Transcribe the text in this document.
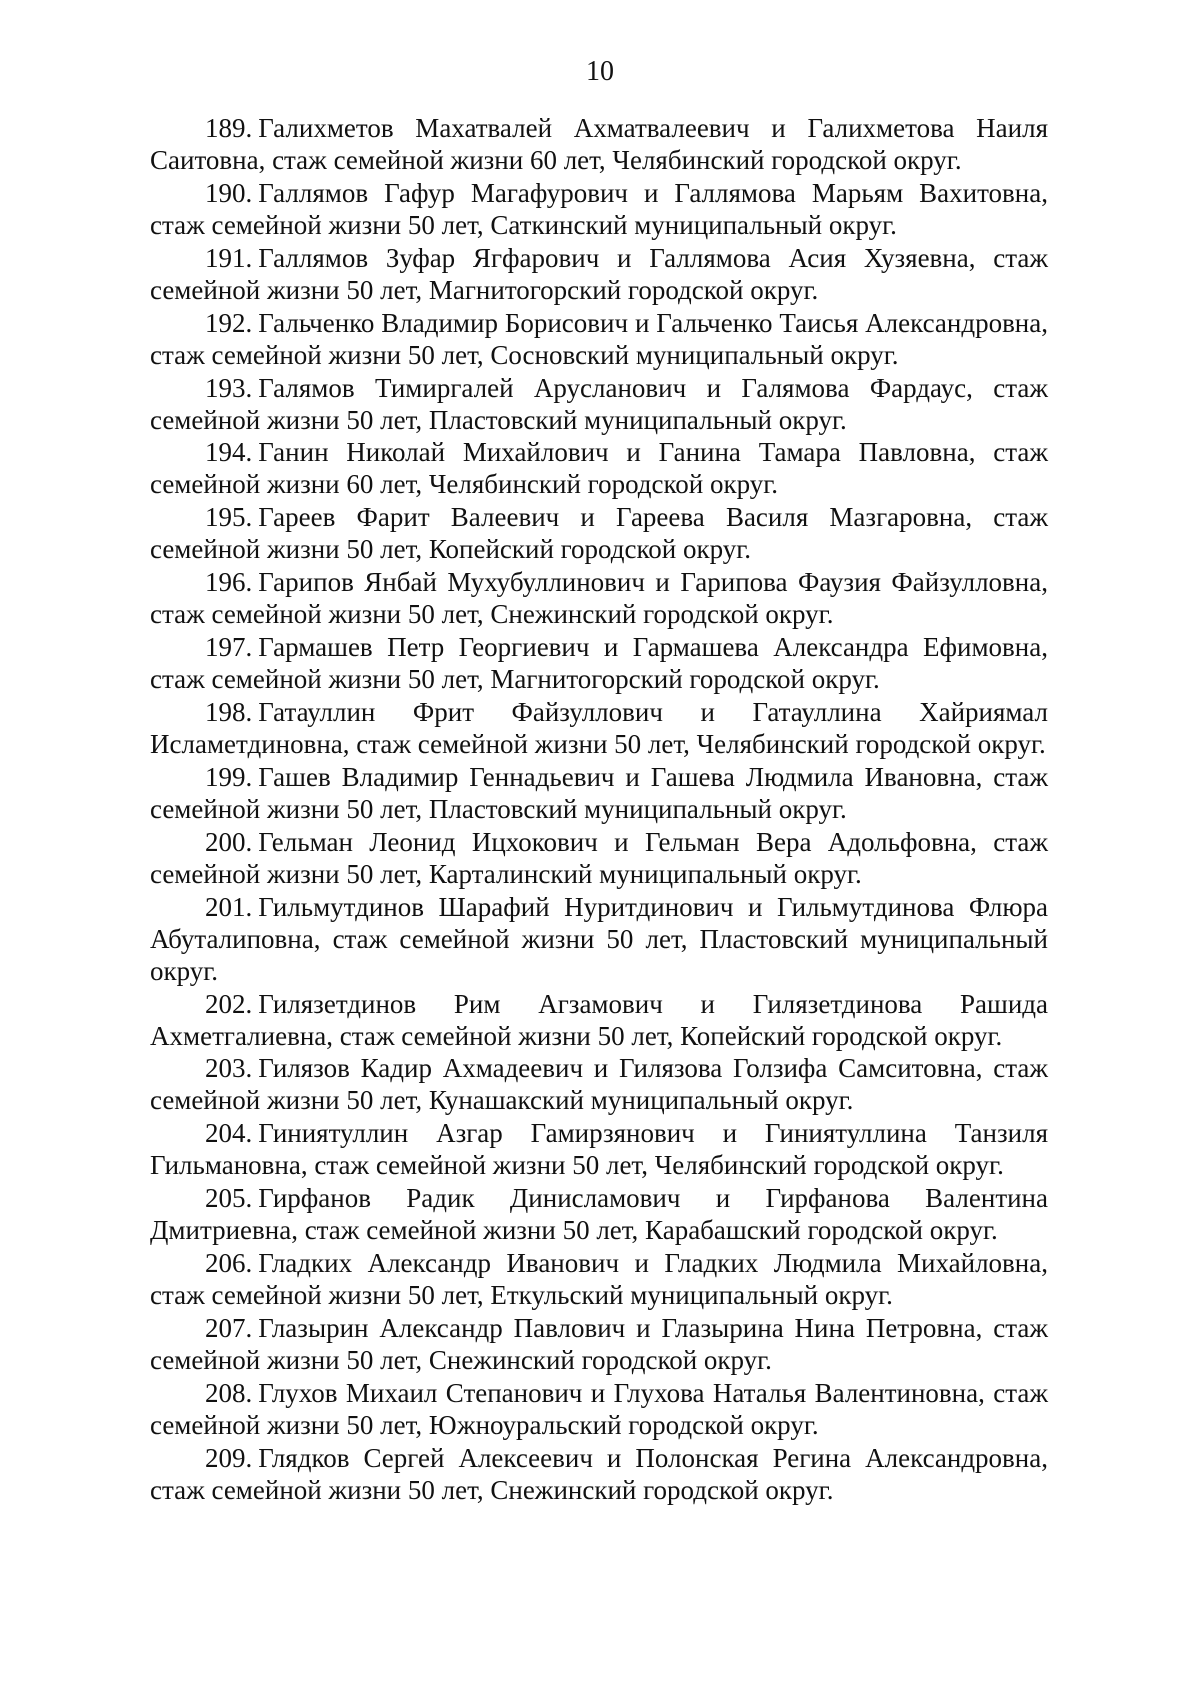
10

189. Галихметов Махатвалей Ахматвалеевич и Галихметова Наиля Саитовна, стаж семейной жизни 60 лет, Челябинский городской округ.

190. Галлямов Гафур Магафурович и Галлямова Марьям Вахитовна, стаж семейной жизни 50 лет, Саткинский муниципальный округ.

191. Галлямов Зуфар Ягфарович и Галлямова Асия Хузяевна, стаж семейной жизни 50 лет, Магнитогорский городской округ.

192. Гальченко Владимир Борисович и Гальченко Таисья Александровна, стаж семейной жизни 50 лет, Сосновский муниципальный округ.

193. Галямов Тимиргалей Арусланович и Галямова Фардаус, стаж семейной жизни 50 лет, Пластовский муниципальный округ.

194. Ганин Николай Михайлович и Ганина Тамара Павловна, стаж семейной жизни 60 лет, Челябинский городской округ.

195. Гареев Фарит Валеевич и Гареева Василя Мазгаровна, стаж семейной жизни 50 лет, Копейский городской округ.

196. Гарипов Янбай Мухубуллинович и Гарипова Фаузия Файзулловна, стаж семейной жизни 50 лет, Снежинский городской округ.

197. Гармашев Петр Георгиевич и Гармашева Александра Ефимовна, стаж семейной жизни 50 лет, Магнитогорский городской округ.

198. Гатауллин Фрит Файзуллович и Гатауллина Хайриямал Исламетдиновна, стаж семейной жизни 50 лет, Челябинский городской округ.

199. Гашев Владимир Геннадьевич и Гашева Людмила Ивановна, стаж семейной жизни 50 лет, Пластовский муниципальный округ.

200. Гельман Леонид Ицхокович и Гельман Вера Адольфовна, стаж семейной жизни 50 лет, Карталинский муниципальный округ.

201. Гильмутдинов Шарафий Нуритдинович и Гильмутдинова Флюра Абуталиповна, стаж семейной жизни 50 лет, Пластовский муниципальный округ.

202. Гилязетдинов Рим Агзамович и Гилязетдинова Рашида Ахметгалиевна, стаж семейной жизни 50 лет, Копейский городской округ.

203. Гилязов Кадир Ахмадеевич и Гилязова Голзифа Самситовна, стаж семейной жизни 50 лет, Кунашакский муниципальный округ.

204. Гиниятуллин Азгар Гамирзянович и Гиниятуллина Танзиля Гильмановна, стаж семейной жизни 50 лет, Челябинский городской округ.

205. Гирфанов Радик Динисламович и Гирфанова Валентина Дмитриевна, стаж семейной жизни 50 лет, Карабашский городской округ.

206. Гладких Александр Иванович и Гладких Людмила Михайловна, стаж семейной жизни 50 лет, Еткульский муниципальный округ.

207. Глазырин Александр Павлович и Глазырина Нина Петровна, стаж семейной жизни 50 лет, Снежинский городской округ.

208. Глухов Михаил Степанович и Глухова Наталья Валентиновна, стаж семейной жизни 50 лет, Южноуральский городской округ.

209. Глядков Сергей Алексеевич и Полонская Регина Александровна, стаж семейной жизни 50 лет, Снежинский городской округ.
